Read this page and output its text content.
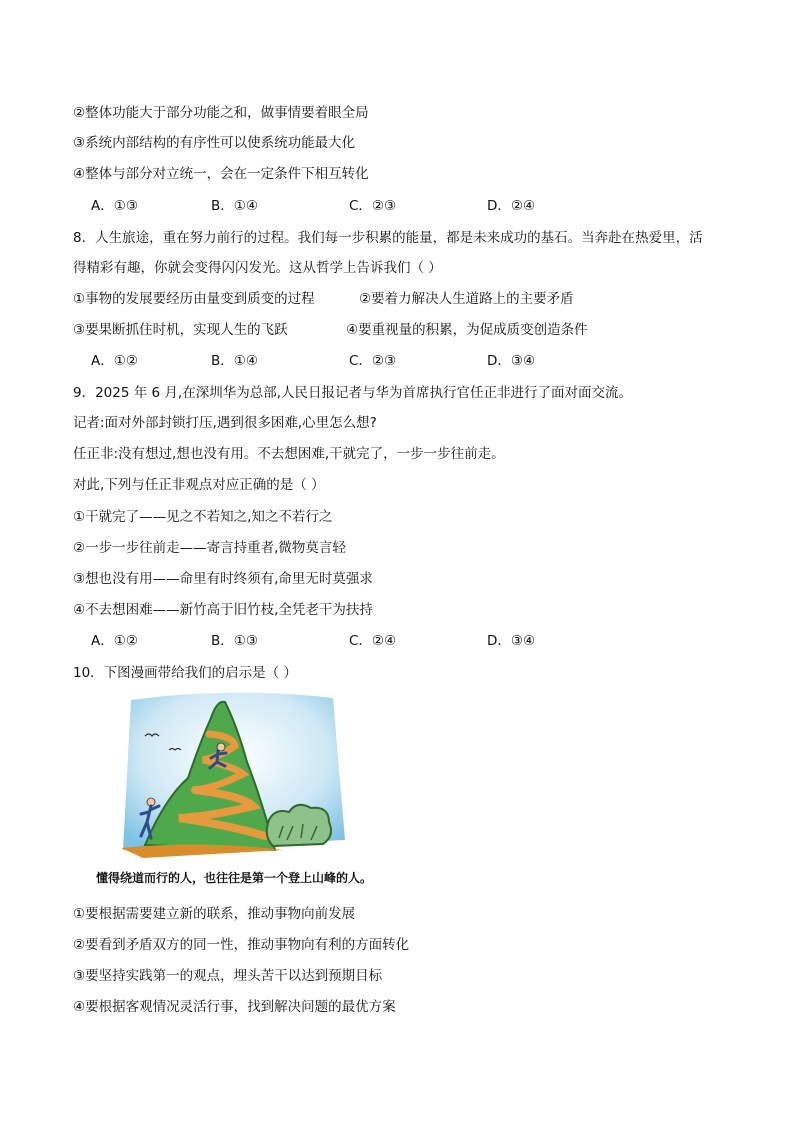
②整体功能大于部分功能之和，做事情要着眼全局
③系统内部结构的有序性可以使系统功能最大化
④整体与部分对立统一，会在一定条件下相互转化
A．①③	B．①④	C．②③	D．②④
8．人生旅途，重在努力前行的过程。我们每一步积累的能量，都是未来成功的基石。当奔赴在热爱里，活
得精彩有趣，你就会变得闪闪发光。这从哲学上告诉我们（ ）
①事物的发展要经历由量变到质变的过程	②要着力解决人生道路上的主要矛盾
③要果断抓住时机，实现人生的飞跃	④要重视量的积累，为促成质变创造条件
A．①②	B．①④	C．②③	D．③④
9．2025 年 6 月,在深圳华为总部,人民日报记者与华为首席执行官任正非进行了面对面交流。
记者:面对外部封锁打压,遇到很多困难,心里怎么想?
任正非:没有想过,想也没有用。不去想困难,干就完了，一步一步往前走。
对此,下列与任正非观点对应正确的是（ ）
①干就完了——见之不若知之,知之不若行之
②一步一步往前走——寄言持重者,微物莫言轻
③想也没有用——命里有时终须有,命里无时莫强求
④不去想困难——新竹高于旧竹枝,全凭老干为扶持
A．①②	B．①③	C．②④	D．③④
10．下图漫画带给我们的启示是（ ）
懂得绕道而行的人，也往往是第一个登上山峰的人。
①要根据需要建立新的联系，推动事物向前发展
②要看到矛盾双方的同一性，推动事物向有利的方面转化
③要坚持实践第一的观点，埋头苦干以达到预期目标
④要根据客观情况灵活行事，找到解决问题的最优方案
